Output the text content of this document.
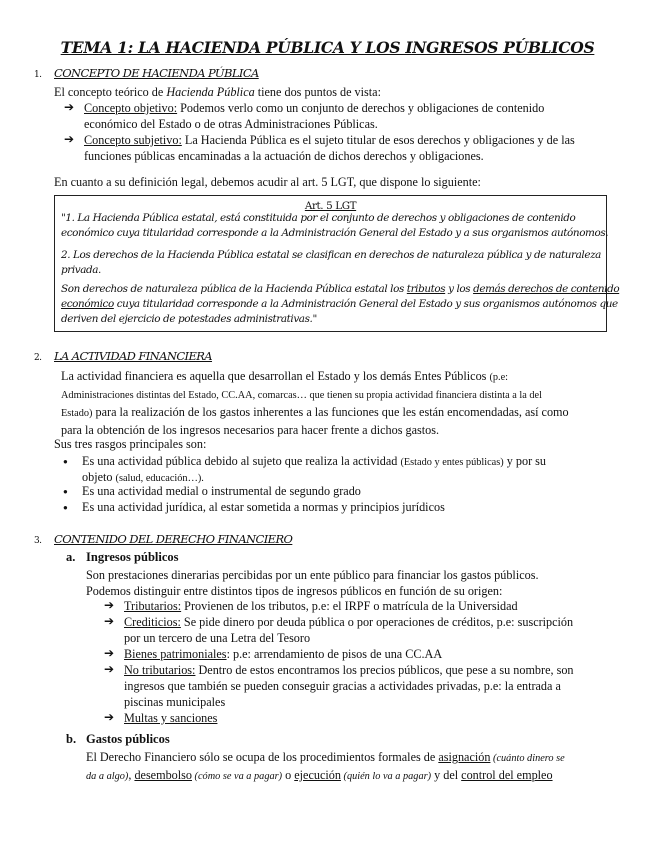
TEMA 1: LA HACIENDA PÚBLICA Y LOS INGRESOS PÚBLICOS
1. CONCEPTO DE HACIENDA PÚBLICA
El concepto teórico de Hacienda Pública tiene dos puntos de vista:
➔ Concepto objetivo: Podemos verlo como un conjunto de derechos y obligaciones de contenido
económico del Estado o de otras Administraciones Públicas.
➔ Concepto subjetivo: La Hacienda Pública es el sujeto titular de esos derechos y obligaciones y de las
funciones públicas encaminadas a la actuación de dichos derechos y obligaciones.
En cuanto a su definición legal, debemos acudir al art. 5 LGT, que dispone lo siguiente:
Art. 5 LGT
"1. La Hacienda Pública estatal, está constituida por el conjunto de derechos y obligaciones de contenido
económico cuya titularidad corresponde a la Administración General del Estado y a sus organismos autónomos.
2. Los derechos de la Hacienda Pública estatal se clasifican en derechos de naturaleza pública y de naturaleza
privada.
Son derechos de naturaleza pública de la Hacienda Pública estatal los tributos y los demás derechos de contenido
económico cuya titularidad corresponde a la Administración General del Estado y sus organismos autónomos que
deriven del ejercicio de potestades administrativas."
2. LA ACTIVIDAD FINANCIERA
La actividad financiera es aquella que desarrollan el Estado y los demás Entes Públicos (p.e:
Administraciones distintas del Estado, CC.AA, comarcas… que tienen su propia actividad financiera distinta a la del
Estado) para la realización de los gastos inherentes a las funciones que les están encomendadas, así como
para la obtención de los ingresos necesarios para hacer frente a dichos gastos.
Sus tres rasgos principales son:
● Es una actividad pública debido al sujeto que realiza la actividad (Estado y entes públicas) y por su
objeto (salud, educación…).
● Es una actividad medial o instrumental de segundo grado
● Es una actividad jurídica, al estar sometida a normas y principios jurídicos
3. CONTENIDO DEL DERECHO FINANCIERO
a. Ingresos públicos
Son prestaciones dinerarias percibidas por un ente público para financiar los gastos públicos.
Podemos distinguir entre distintos tipos de ingresos públicos en función de su origen:
➔ Tributarios: Provienen de los tributos, p.e: el IRPF o matrícula de la Universidad
➔ Crediticios: Se pide dinero por deuda pública o por operaciones de créditos, p.e: suscripción
por un tercero de una Letra del Tesoro
➔ Bienes patrimoniales: p.e: arrendamiento de pisos de una CC.AA
➔ No tributarios: Dentro de estos encontramos los precios públicos, que pese a su nombre, son
ingresos que también se pueden conseguir gracias a actividades privadas, p.e: la entrada a
piscinas municipales
➔ Multas y sanciones
b. Gastos públicos
El Derecho Financiero sólo se ocupa de los procedimientos formales de asignación (cuánto dinero se
da a algo), desembolso (cómo se va a pagar) o ejecución (quién lo va a pagar) y del control del empleo
